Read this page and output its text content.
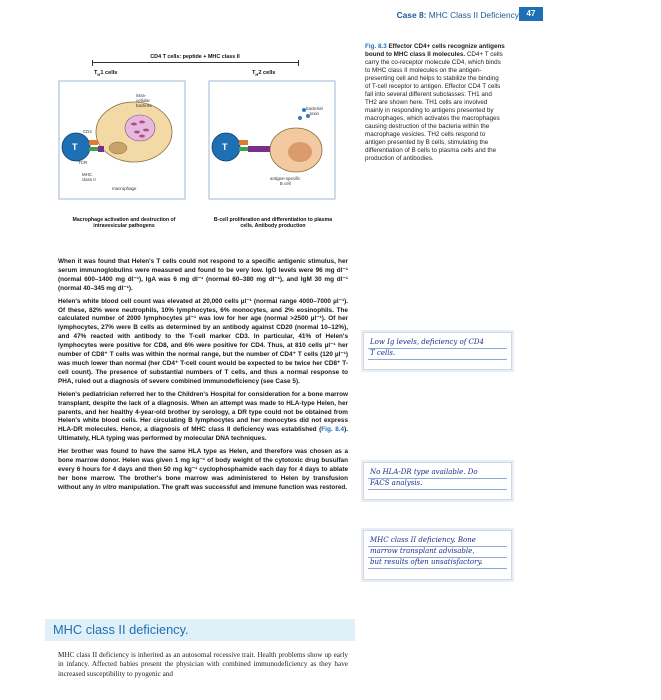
Case 8: MHC Class II Deficiency 47
CD4 T cells: peptide + MHC class II
$T_H1$ cells	$T_H2$ cells
T
intra-
cellular
bacteria
CD4
TCR
MHC
class II
macrophage
T
bacterial
toxin
antigen-specific
B cell
Macrophage activation and destruction of intravesicular pathogens
B-cell proliferation and differentiation to plasma cells. Antibody production
Fig. 8.3 Effector CD4+ cells recognize antigens bound to MHC class II molecules. CD4+ T cells carry the co-receptor molecule CD4, which binds to MHC class II molecules on the antigen-presenting cell and helps to stabilize the binding of T-cell receptor to antigen. Effector CD4 T cells fall into several different subclasses: TH1 and TH2 are shown here. TH1 cells are involved mainly in responding to antigens presented by macrophages, which activates the macrophages causing destruction of the bacteria within the macrophage vesicles. TH2 cells respond to antigen presented by B cells, stimulating the differentiation of B cells to plasma cells and the production of antibodies.

When it was found that Helen's T cells could not respond to a specific antigenic stimulus, her serum immunoglobulins were measured and found to be very low. IgG levels were 96 mg dl⁻¹ (normal 600–1400 mg dl⁻¹), IgA was 6 mg dl⁻¹ (normal 60–380 mg dl⁻¹), and IgM 30 mg dl⁻¹ (normal 40–345 mg dl⁻¹).

Helen's white blood cell count was elevated at 20,000 cells µl⁻¹ (normal range 4000–7000 µl⁻¹). Of these, 82% were neutrophils, 10% lymphocytes, 6% monocytes, and 2% eosinophils. The calculated number of 2000 lymphocytes µl⁻¹ was low for her age (normal >2500 µl⁻¹). Of her lymphocytes, 27% were B cells as determined by an antibody against CD20 (normal 10–12%), and 47% reacted with antibody to the T-cell marker CD3. In particular, 41% of Helen's lymphocytes were positive for CD8, and 6% were positive for CD4. Thus, at 810 cells µl⁻¹ her number of CD8⁺ T cells was within the normal range, but the number of CD4⁺ T cells (120 µl⁻¹) was much lower than normal (her CD4⁺ T-cell count would be expected to be twice her CD8⁺ T-cell count). The presence of substantial numbers of T cells, and thus a normal response to PHA, ruled out a diagnosis of severe combined immunodeficiency (see Case 5).

Helen's pediatrician referred her to the Children's Hospital for consideration for a bone marrow transplant, despite the lack of a diagnosis. When an attempt was made to HLA-type Helen, her parents, and her healthy 4-year-old brother by serology, a DR type could not be obtained from Helen's white blood cells. Her circulating B lymphocytes and her monocytes did not express HLA-DR molecules. Hence, a diagnosis of MHC class II deficiency was established (Fig. 8.4). Ultimately, HLA typing was performed by molecular DNA techniques.

Her brother was found to have the same HLA type as Helen, and therefore was chosen as a bone marrow donor. Helen was given 1 mg kg⁻¹ of body weight of the cytotoxic drug busulfan every 6 hours for 4 days and then 50 mg kg⁻¹ cyclophosphamide each day for 4 days to ablate her bone marrow. The brother's bone marrow was administered to Helen by transfusion without any in vitro manipulation. The graft was successful and immune function was restored.

Low Ig levels, deficiency of CD4
T cells.
No HLA-DR type available. Do
FACS analysis.
MHC class II deficiency. Bone
marrow transplant advisable,
but results often unsatisfactory.
MHC class II deficiency.
MHC class II deficiency is inherited as an autosomal recessive trait. Health problems show up early in infancy. Affected babies present the physician with combined immunodeficiency as they have increased susceptibility to pyogenic and
